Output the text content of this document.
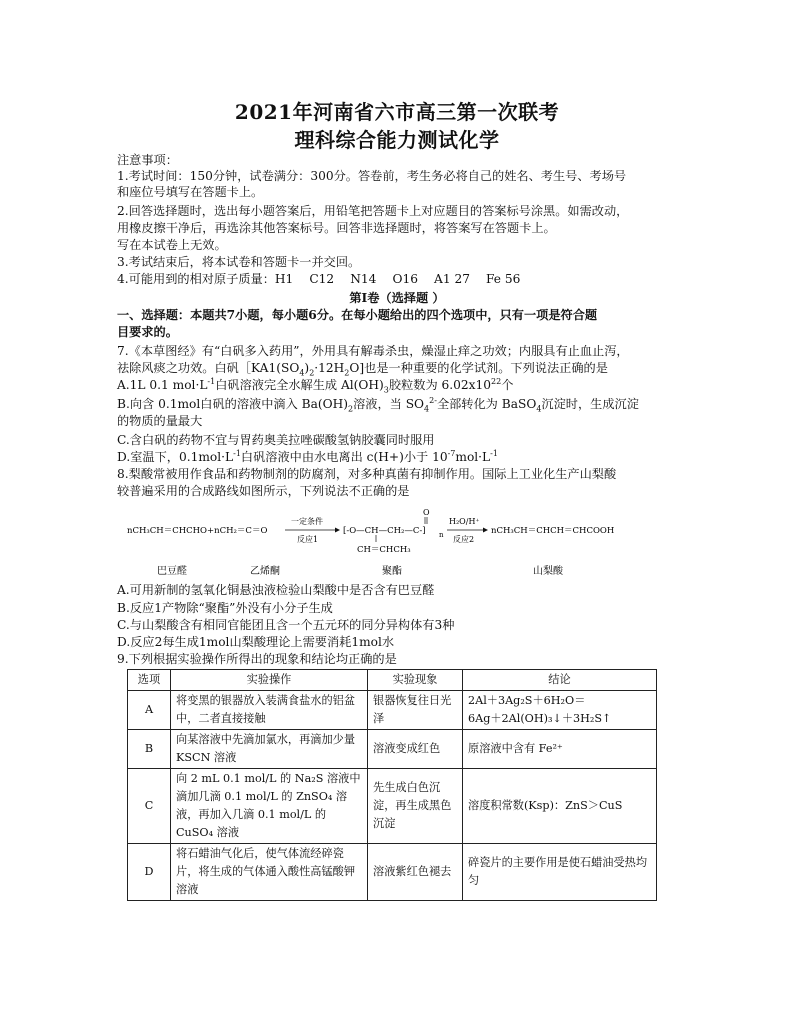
2021年河南省六市高三第一次联考
理科综合能力测试化学
注意事项：
1.考试时间：150分钟，试卷满分：300分。答卷前，考生务必将自己的姓名、考生号、考场号
和座位号填写在答题卡上。
2.回答选择题时，选出每小题答案后，用铅笔把答题卡上对应题目的答案标号涂黑。如需改动，
用橡皮擦干净后，再选涂其他答案标号。回答非选择题时，将答案写在答题卡上。
写在本试卷上无效。
3.考试结束后，将本试卷和答题卡一并交回。
4.可能用到的相对原子质量：H1　 C12　 N14　 O16　 A1 27　 Fe 56
第Ⅰ卷（选择题 ）
一、选择题：本题共7小题，每小题6分。在每小题给出的四个选项中，只有一项是符合题
目要求的。
7.《本草图经》有“白矾多入药用”，外用具有解毒杀虫，燥湿止痒之功效；内服具有止血止泻，
祛除风痰之功效。白矾$[KA1(SO_4)_2\cdot 12H_2O$]也是一种重要的化学试剂。下列说法正确的是
A.1L 0.1 $mol\cdot L^{-1}$白矾溶液完全水解生成 $Al(OH)_3$胶粒数为 $6.02x10^{22}$个
B.向含 0.1mol白矾的溶液中滴入 $Ba(OH)_2$溶液，当 $SO_4^{2-}$全部转化为 BaSO$_4$沉淀时，生成沉淀
的物质的量最大
C.含白矾的药物不宜与胃药奥美拉唑碳酸氢钠胶囊同时服用
D.室温下，$0.1mol\cdot L^{-1}$白矾溶液中由水电离出 c(H+)小于 $10^{-7}mol\cdot L^{-1}$
8.梨酸常被用作食品和药物制剂的防腐剂，对多种真菌有抑制作用。国际上工业化生产山梨酸
较普遍采用的合成路线如图所示，下列说法不正确的是
nCH₃CH＝CHCHO+nCH₂＝C＝O
一定条件
反应1
[-O—CH—CH₂—C-]
O
CH＝CHCH₃
n
H₂O/H⁺
反应2
nCH₃CH＝CHCH＝CHCOOH
巴豆醛	乙烯酮	聚酯	山梨酸
A.可用新制的氢氧化铜悬浊液检验山梨酸中是否含有巴豆醛
B.反应1产物除“聚酯”外没有小分子生成
C.与山梨酸含有相同官能团且含一个五元环的同分异构体有3种
D.反应2每生成1mol山梨酸理论上需要消耗1mol水
9.下列根据实验操作所得出的现象和结论均正确的是
选项	实验操作	实验现象	结论
A	将变黑的银器放入装满食盐水的铝盆中，二者直接接触	银器恢复往日光泽	2Al＋3Ag₂S＋6H₂O＝
6Ag＋2Al(OH)₃↓＋3H₂S↑

B	向某溶液中先滴加氯水，再滴加少量 KSCN 溶液	溶液变成红色	原溶液中含有 Fe²⁺
C	向 2 mL 0.1 mol/L 的 Na₂S 溶液中滴加几滴 0.1 mol/L 的 ZnSO₄ 溶液，再加入几滴 0.1 mol/L 的 CuSO₄ 溶液	先生成白色沉淀，再生成黑色沉淀	溶度积常数(Ksp)：ZnS＞CuS
D	将石蜡油气化后，使气体流经碎瓷片，将生成的气体通入酸性高锰酸钾溶液	溶液紫红色褪去	碎瓷片的主要作用是使石蜡油受热均匀
